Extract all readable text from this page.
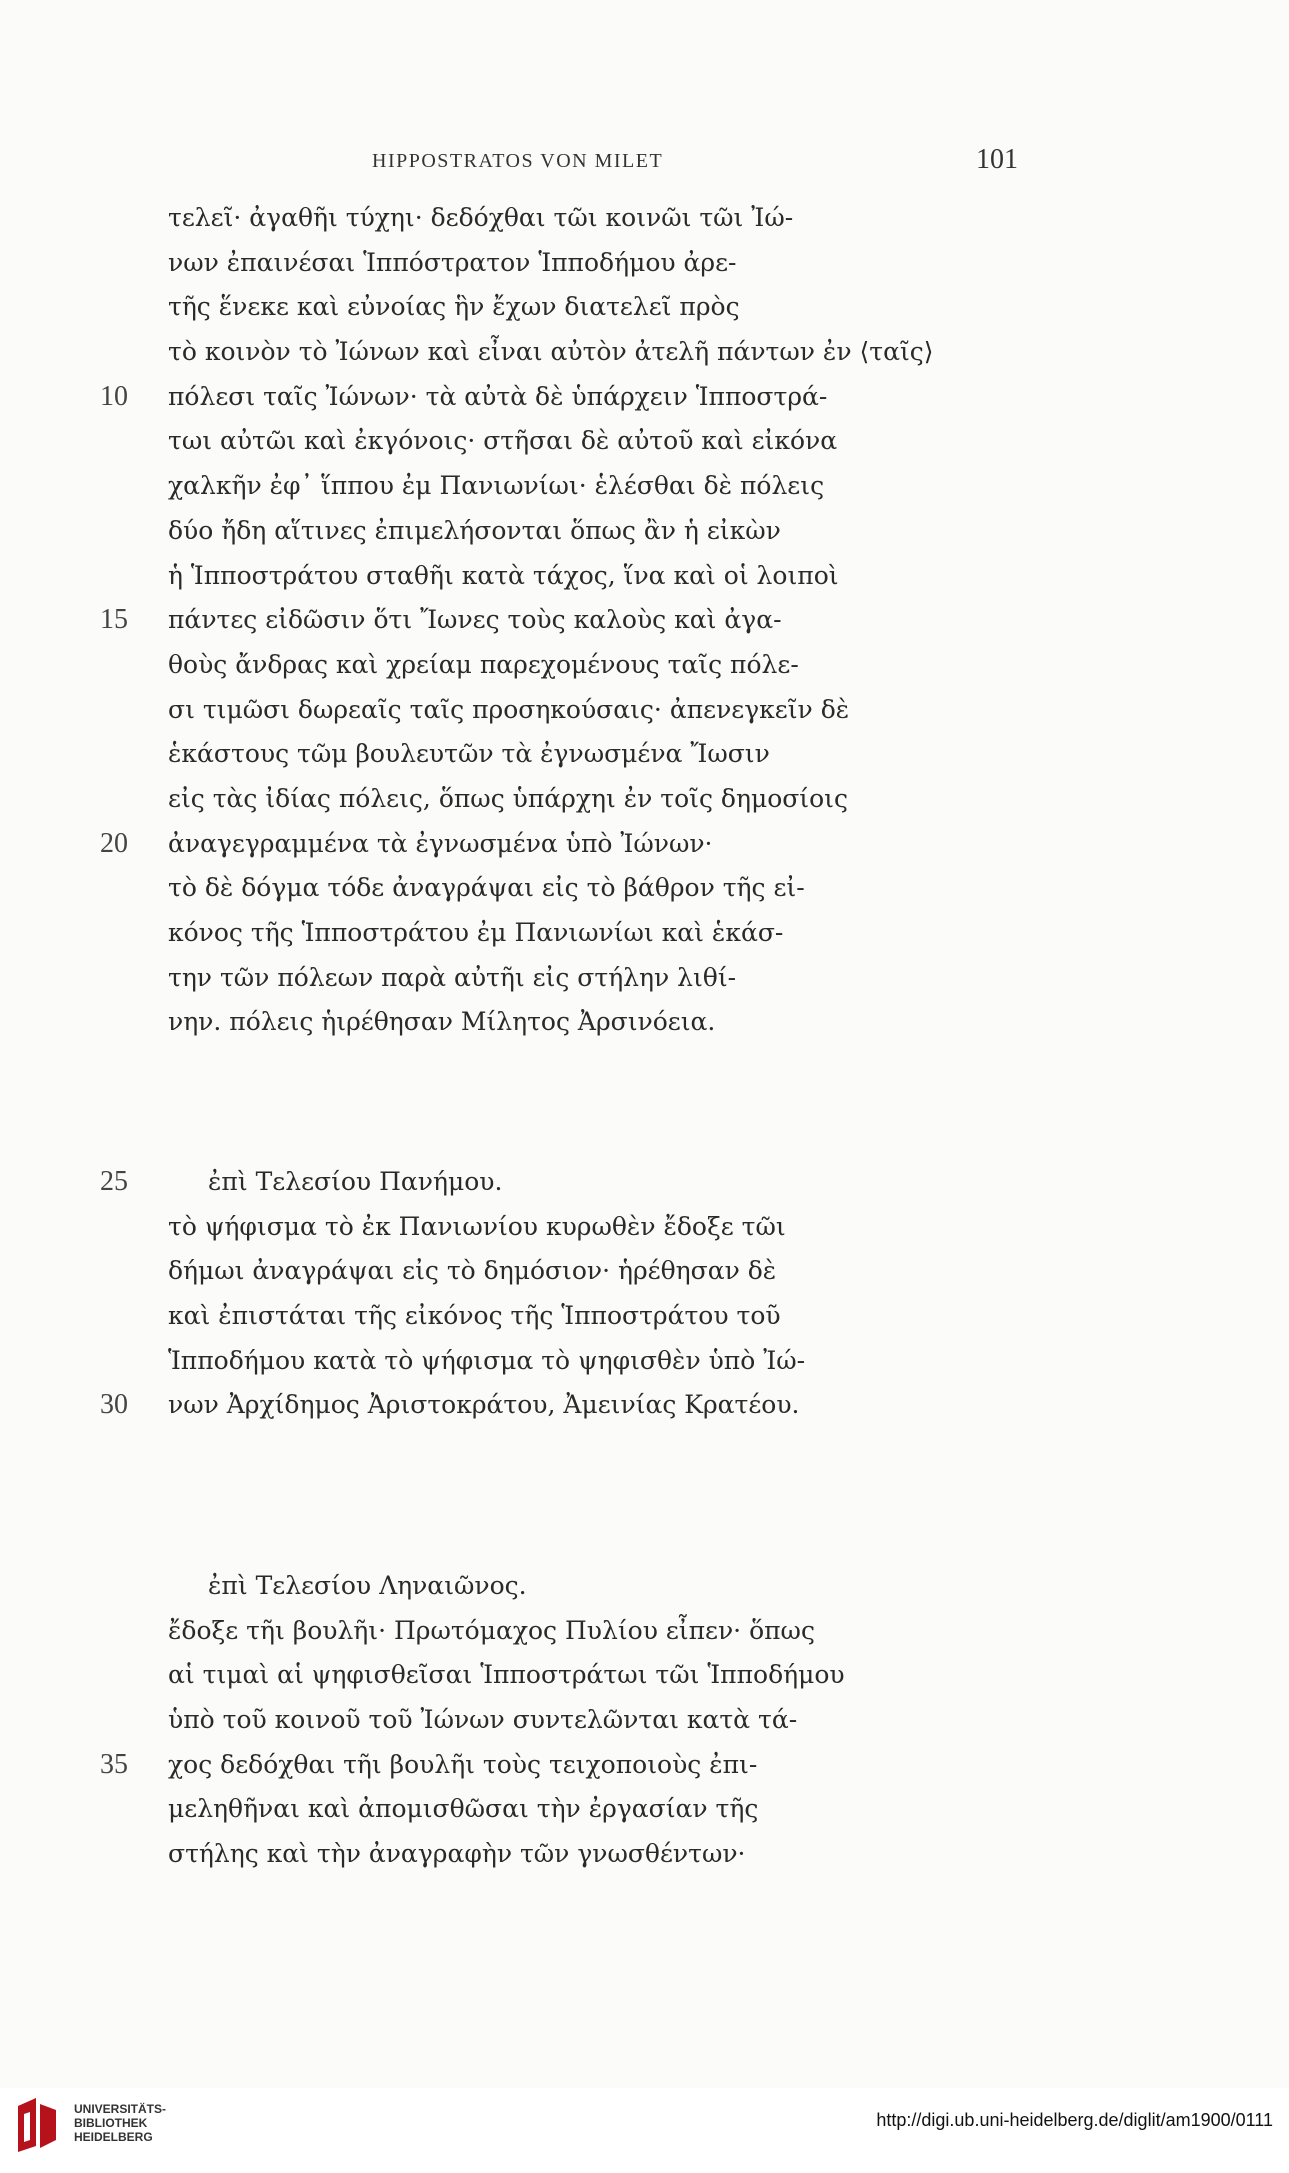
HIPPOSTRATOS VON MILET	101
τελεῖ· ἀγαθῆι τύχηι· δεδόχθαι τῶι κοινῶι τῶι Ἰώ-
νων ἐπαινέσαι Ἱππόστρατον Ἱπποδήμου ἀρε-
τῆς ἕνεκε καὶ εὐνοίας ἣν ἔχων διατελεῖ πρὸς
τὸ κοινὸν τὸ Ἰώνων καὶ εἶναι αὐτὸν ἀτελῆ πάντων ἐν ⟨ταῖς⟩
10 πόλεσι ταῖς Ἰώνων· τὰ αὐτὰ δὲ ὑπάρχειν Ἱπποστρά-
τωι αὐτῶι καὶ ἐκγόνοις· στῆσαι δὲ αὐτοῦ καὶ εἰκόνα
χαλκῆν ἐφ᾽ ἵππου ἐμ Πανιωνίωι· ἑλέσθαι δὲ πόλεις
δύο ἤδη αἵτινες ἐπιμελήσονται ὅπως ἂν ἡ εἰκὼν
ἡ Ἱπποστράτου σταθῆι κατὰ τάχος, ἵνα καὶ οἱ λοιποὶ
15 πάντες εἰδῶσιν ὅτι Ἴωνες τοὺς καλοὺς καὶ ἀγα-
θοὺς ἄνδρας καὶ χρείαμ παρεχομένους ταῖς πόλε-
σι τιμῶσι δωρεαῖς ταῖς προσηκούσαις· ἀπενεγκεῖν δὲ
ἑκάστους τῶμ βουλευτῶν τὰ ἐγνωσμένα Ἴωσιν
εἰς τὰς ἰδίας πόλεις, ὅπως ὑπάρχηι ἐν τοῖς δημοσίοις
20 ἀναγεγραμμένα τὰ ἐγνωσμένα ὑπὸ Ἰώνων·
τὸ δὲ δόγμα τόδε ἀναγράψαι εἰς τὸ βάθρον τῆς εἰ-
κόνος τῆς Ἱπποστράτου ἐμ Πανιωνίωι καὶ ἑκάσ-
την τῶν πόλεων παρὰ αὐτῆι εἰς στήλην λιθί-
νην. πόλεις ἡιρέθησαν Μίλητος Ἀρσινόεια.
25	ἐπὶ Τελεσίου Πανήμου.
τὸ ψήφισμα τὸ ἐκ Πανιωνίου κυρωθὲν ἔδοξε τῶι
δήμωι ἀναγράψαι εἰς τὸ δημόσιον· ἡρέθησαν δὲ
καὶ ἐπιστάται τῆς εἰκόνος τῆς Ἱπποστράτου τοῦ
Ἱπποδήμου κατὰ τὸ ψήφισμα τὸ ψηφισθὲν ὑπὸ Ἰώ-
30 νων Ἀρχίδημος Ἀριστοκράτου, Ἀμεινίας Κρατέου.
ἐπὶ Τελεσίου Ληναιῶνος.
ἔδοξε τῆι βουλῆι· Πρωτόμαχος Πυλίου εἶπεν· ὅπως
αἱ τιμαὶ αἱ ψηφισθεῖσαι Ἱπποστράτωι τῶι Ἱπποδήμου
ὑπὸ τοῦ κοινοῦ τοῦ Ἰώνων συντελῶνται κατὰ τά-
35 χος δεδόχθαι τῆι βουλῆι τοὺς τειχοποιοὺς ἐπι-
μεληθῆναι καὶ ἀπομισθῶσαι τὴν ἐργασίαν τῆς
στήλης καὶ τὴν ἀναγραφὴν τῶν γνωσθέντων·
UNIVERSITÄTS-
BIBLIOTHEK
HEIDELBERG
http://digi.ub.uni-heidelberg.de/diglit/am1900/0111
